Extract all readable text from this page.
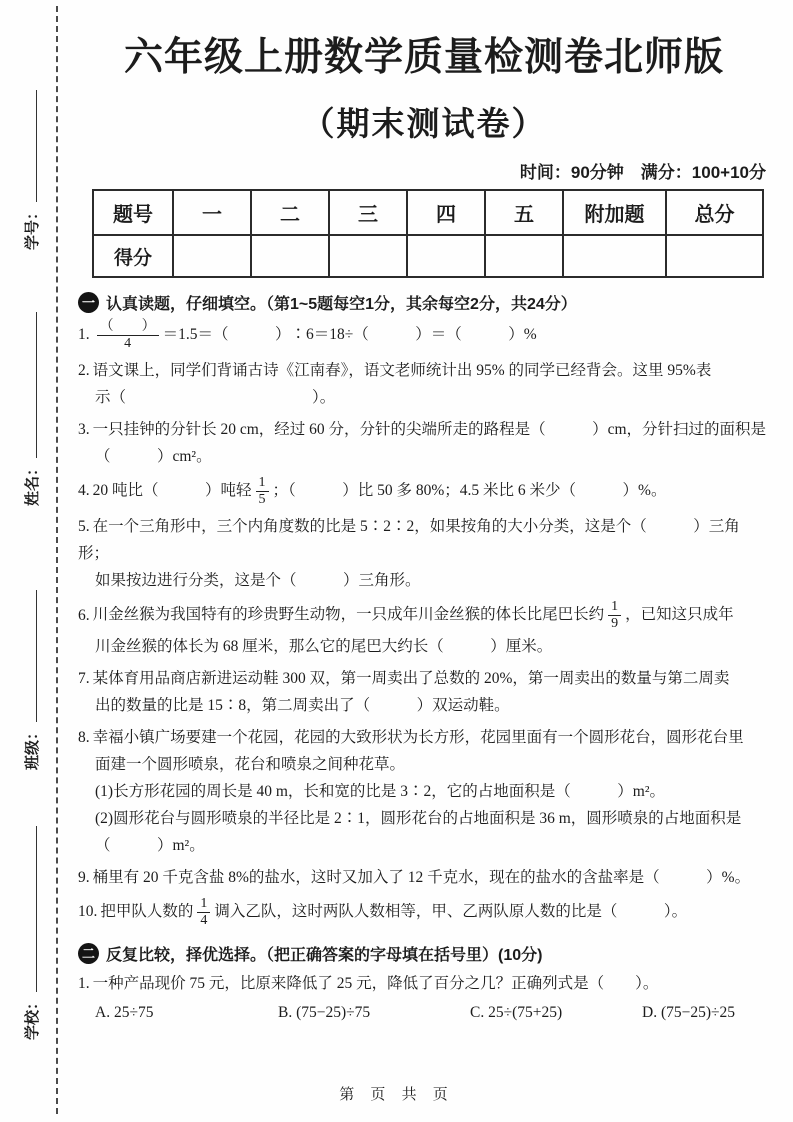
学号：
姓名：
班级：
学校：
六年级上册数学质量检测卷北师版
（期末测试卷）
时间：90分钟　满分：100+10分
题号	一	二	三	四	五	附加题	总分
得分							
一 认真读题，仔细填空。（第1~5题每空1分，其余每空2分，共24分）
1. $\frac{( )}{4} =1.5=$（　　　）∶6＝18÷（　　　）＝（　　　）%
2. 语文课上，同学们背诵古诗《江南春》，语文老师统计出 95% 的同学已经背会。这里 95%表
示（　　　　　　　　　　　　）。
3. 一只挂钟的分针长 20 cm，经过 60 分，分针的尖端所走的路程是（　　　）cm，分针扫过的面积是
（　　　）cm²。
4. 20 吨比（　　　）吨轻 $\frac{1}{5}$ ；（　　　）比 50 多 80%；4.5 米比 6 米少（　　　）%。
5. 在一个三角形中，三个内角度数的比是 5∶2∶2，如果按角的大小分类，这是个（　　　）三角形；
如果按边进行分类，这是个（　　　）三角形。
6. 川金丝猴为我国特有的珍贵野生动物，一只成年川金丝猴的体长比尾巴长约 $\frac{1}{9}$ ，已知这只成年
川金丝猴的体长为 68 厘米，那么它的尾巴大约长（　　　）厘米。
7. 某体育用品商店新进运动鞋 300 双，第一周卖出了总数的 20%，第一周卖出的数量与第二周卖
出的数量的比是 15∶8，第二周卖出了（　　　）双运动鞋。
8. 幸福小镇广场要建一个花园，花园的大致形状为长方形，花园里面有一个圆形花台，圆形花台里
面建一个圆形喷泉，花台和喷泉之间种花草。
(1)长方形花园的周长是 40 m，长和宽的比是 3∶2，它的占地面积是（　　　）m²。
(2)圆形花台与圆形喷泉的半径比是 2∶1，圆形花台的占地面积是 36 m，圆形喷泉的占地面积是
（　　　）m²。
9. 桶里有 20 千克含盐 8%的盐水，这时又加入了 12 千克水，现在的盐水的含盐率是（　　　）%。
10. 把甲队人数的 $\frac{1}{4}$ 调入乙队，这时两队人数相等，甲、乙两队原人数的比是（　　　）。
二 反复比较，择优选择。（把正确答案的字母填在括号里）(10分)
1. 一种产品现价 75 元，比原来降低了 25 元，降低了百分之几？正确列式是（　　）。
A. 25÷75	B. (75−25)÷75	C. 25÷(75+25)	D. (75−25)÷25
第 页 共 页
